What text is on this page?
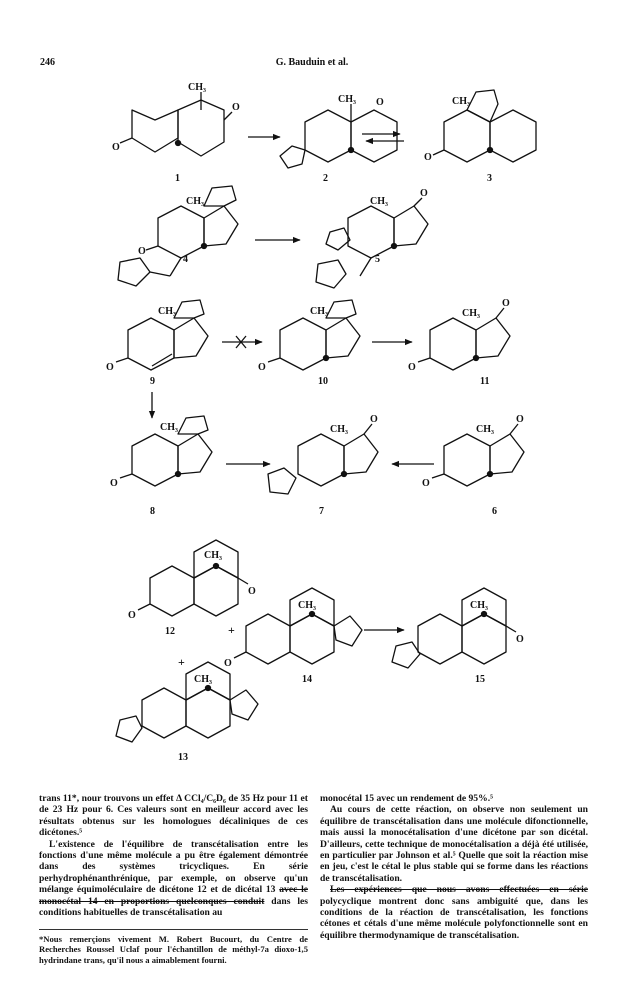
246	G. Bauduin et al.
CH₃
O
O
1
CH₃ O
2
CH₃
O
3
CH₃
O
4
CH₃
O
5
CH₃
O
9
CH₃
O
10
CH₃
O
O
11
CH₃
O
8
CH₃
O
7
CH₃
O
O
6
CH₃
O
O
12	+
CH₃
O
14
CH₃
O
15
+
CH₃
13

trans 11*, nour trouvons un effet Δ CCl₄/C₆D₆ de 35 Hz pour 11 et de 23 Hz pour 6. Ces valeurs sont en meilleur accord avec les résultats obtenus sur les homologues décaliniques de ces dicétones.⁵

L'existence de l'équilibre de transcétalisation entre les fonctions d'une même molécule a pu être également démontrée dans des systèmes tricycliques. En série perhydrophénanthrénique, par exemple, on observe qu'un mélange équimoléculaire de dicétone 12 et de dicétal 13 avec le monocétal 14 en proportions quelconques conduit dans les conditions habituelles de transcétalisation au

monocétal 15 avec un rendement de 95%.⁵

Au cours de cette réaction, on observe non seulement un équilibre de transcétalisation dans une molécule difonctionnelle, mais aussi la monocétalisation d'une dicétone par son dicétal. D'ailleurs, cette technique de monocétalisation a déjà été utilisée, en particulier par Johnson et al.⁵ Quelle que soit la réaction mise en jeu, c'est le cétal le plus stable qui se forme dans les réactions de transcétalisation.

Les expériences que nous avons effectuées en série polycyclique montrent donc sans ambiguité que, dans les conditions de la réaction de transcétalisation, les fonctions cétones et cétals d'une même molécule polyfonctionnelle sont en équilibre thermodynamique de transcétalisation.

*Nous remerçions vivement M. Robert Bucourt, du Centre de Recherches Roussel Uclaf pour l'échantillon de méthyl-7a dioxo-1,5 hydrindane trans, qu'il nous a aimablement fourni.
